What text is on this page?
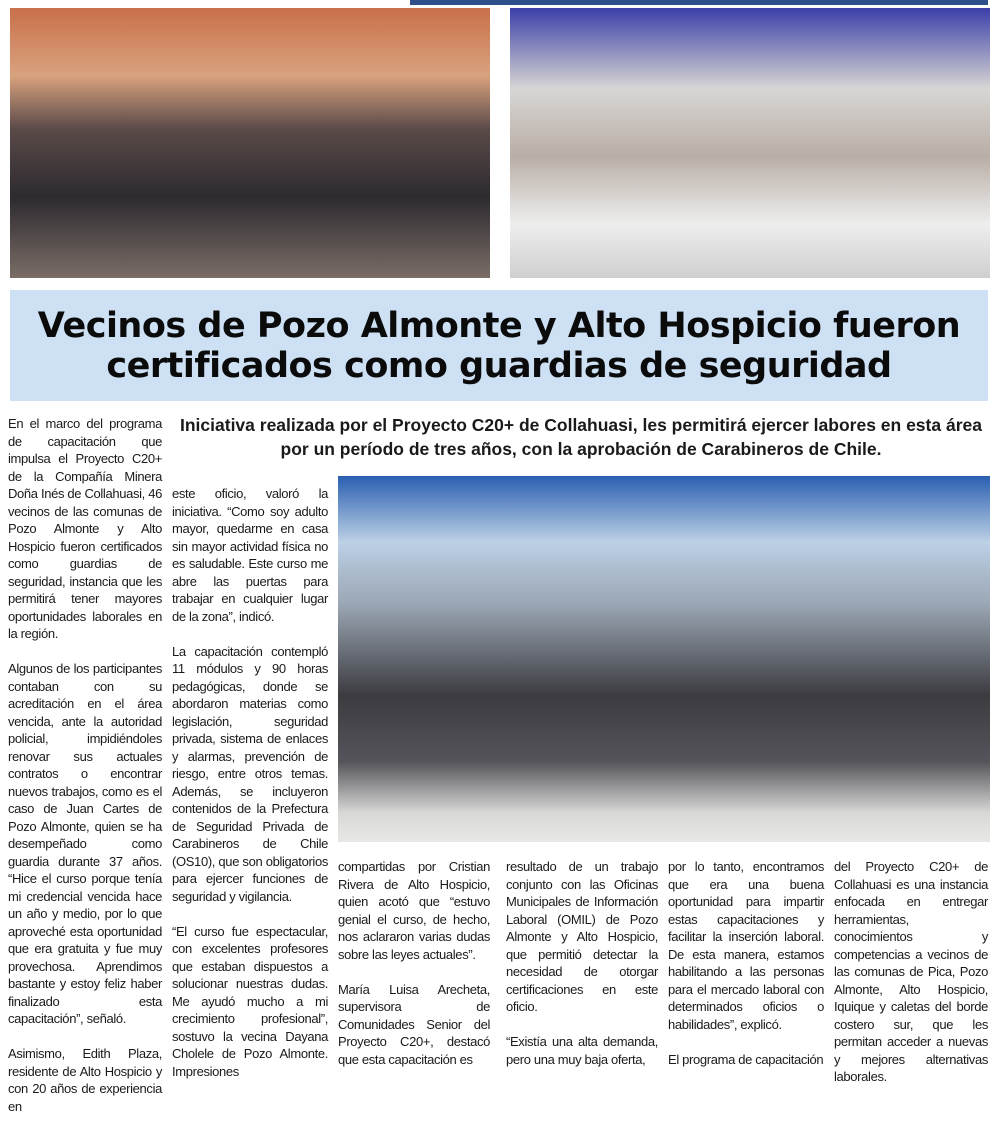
Vecinos de Pozo Almonte y Alto Hospicio fueron
certificados como guardias de seguridad
Iniciativa realizada por el Proyecto C20+ de Collahuasi, les permitirá ejercer labores en esta área por un período de tres años, con la aprobación de Carabineros de Chile.

En el marco del programa de capacitación que impulsa el Proyecto C20+ de la Compañía Minera Doña Inés de Collahuasi, 46 vecinos de las comunas de Pozo Almonte y Alto Hospicio fueron certificados como guardias de seguridad, instancia que les permitirá tener mayores oportunidades laborales en la región.

Algunos de los participantes contaban con su acreditación en el área vencida, ante la autoridad policial, impidiéndoles renovar sus actuales contratos o encontrar nuevos trabajos, como es el caso de Juan Cartes de Pozo Almonte, quien se ha desempeñado como guardia durante 37 años. “Hice el curso porque tenía mi credencial vencida hace un año y medio, por lo que aproveché esta oportunidad que era gratuita y fue muy provechosa. Aprendimos bastante y estoy feliz haber finalizado esta capacitación”, señaló.

Asimismo, Edith Plaza, residente de Alto Hospicio y con 20 años de experiencia en

este oficio, valoró la iniciativa. “Como soy adulto mayor, quedarme en casa sin mayor actividad física no es saludable. Este curso me abre las puertas para trabajar en cualquier lugar de la zona”, indicó.

La capacitación contempló 11 módulos y 90 horas pedagógicas, donde se abordaron materias como legislación, seguridad privada, sistema de enlaces y alarmas, prevención de riesgo, entre otros temas. Además, se incluyeron contenidos de la Prefectura de Seguridad Privada de Carabineros de Chile (OS10), que son obligatorios para ejercer funciones de seguridad y vigilancia.

“El curso fue espectacular, con excelentes profesores que estaban dispuestos a solucionar nuestras dudas. Me ayudó mucho a mi crecimiento profesional”, sostuvo la vecina Dayana Cholele de Pozo Almonte. Impresiones

compartidas por Cristian Rivera de Alto Hospicio, quien acotó que “estuvo genial el curso, de hecho, nos aclararon varias dudas sobre las leyes actuales”.

María Luisa Arecheta, supervisora de Comunidades Senior del Proyecto C20+, destacó que esta capacitación es

resultado de un trabajo conjunto con las Oficinas Municipales de Información Laboral (OMIL) de Pozo Almonte y Alto Hospicio, que permitió detectar la necesidad de otorgar certificaciones en este oficio.

“Existía una alta demanda, pero una muy baja oferta,

por lo tanto, encontramos que era una buena oportunidad para impartir estas capacitaciones y facilitar la inserción laboral. De esta manera, estamos habilitando a las personas para el mercado laboral con determinados oficios o habilidades”, explicó.

El programa de capacitación

del Proyecto C20+ de Collahuasi es una instancia enfocada en entregar herramientas, conocimientos y competencias a vecinos de las comunas de Pica, Pozo Almonte, Alto Hospicio, Iquique y caletas del borde costero sur, que les permitan acceder a nuevas y mejores alternativas laborales.
